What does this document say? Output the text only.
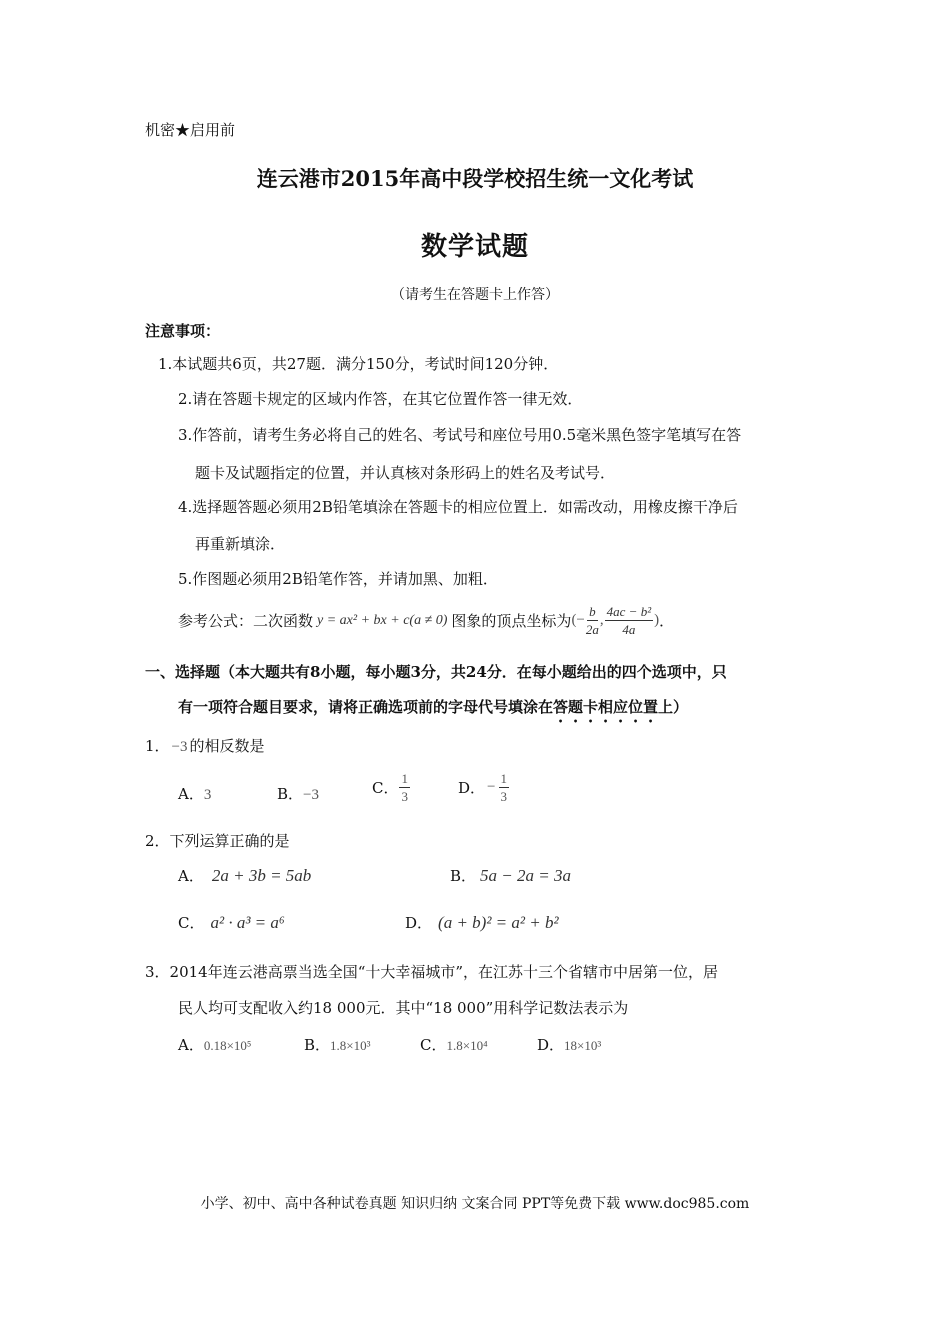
机密★启用前
连云港市2015年高中段学校招生统一文化考试
数学试题
（请考生在答题卡上作答）
注意事项：
1.本试题共6页，共27题．满分150分，考试时间120分钟．
2.请在答题卡规定的区域内作答，在其它位置作答一律无效．
3.作答前，请考生务必将自己的姓名、考试号和座位号用0.5毫米黑色签字笔填写在答
题卡及试题指定的位置，并认真核对条形码上的姓名及考试号．
4.选择题答题必须用2B铅笔填涂在答题卡的相应位置上．如需改动，用橡皮擦干净后
再重新填涂．
5.作图题必须用2B铅笔作答，并请加黑、加粗．
参考公式：二次函数 y = ax² + bx + c(a ≠ 0) 图象的顶点坐标为 (− $\frac{b}{2a}$ , $\frac{\text{4ac − b²}}{4a}$ ) ．
一、选择题（本大题共有8小题，每小题3分，共24分．在每小题给出的四个选项中，只
有一项符合题目要求，请将正确选项前的字母代号填涂在答题卡相应位置上）
1． −3 的相反数是
A．3	B．−3	C． $\frac{1}{3}$	D． − $\frac{1}{3}$
2．下列运算正确的是
A． 2a + 3b = 5ab	B． 5a − 2a = 3a
C． a² · a³ = a⁶	D． (a + b)² = a² + b²
3．2014年连云港高票当选全国“十大幸福城市”，在江苏十三个省辖市中居第一位，居
民人均可支配收入约18 000元．其中“18 000”用科学记数法表示为
A．0.18×10⁵	B．1.8×10³	C．1.8×10⁴	D．18×10³
小学、初中、高中各种试卷真题 知识归纳 文案合同 PPT等免费下载 www.doc985.com
